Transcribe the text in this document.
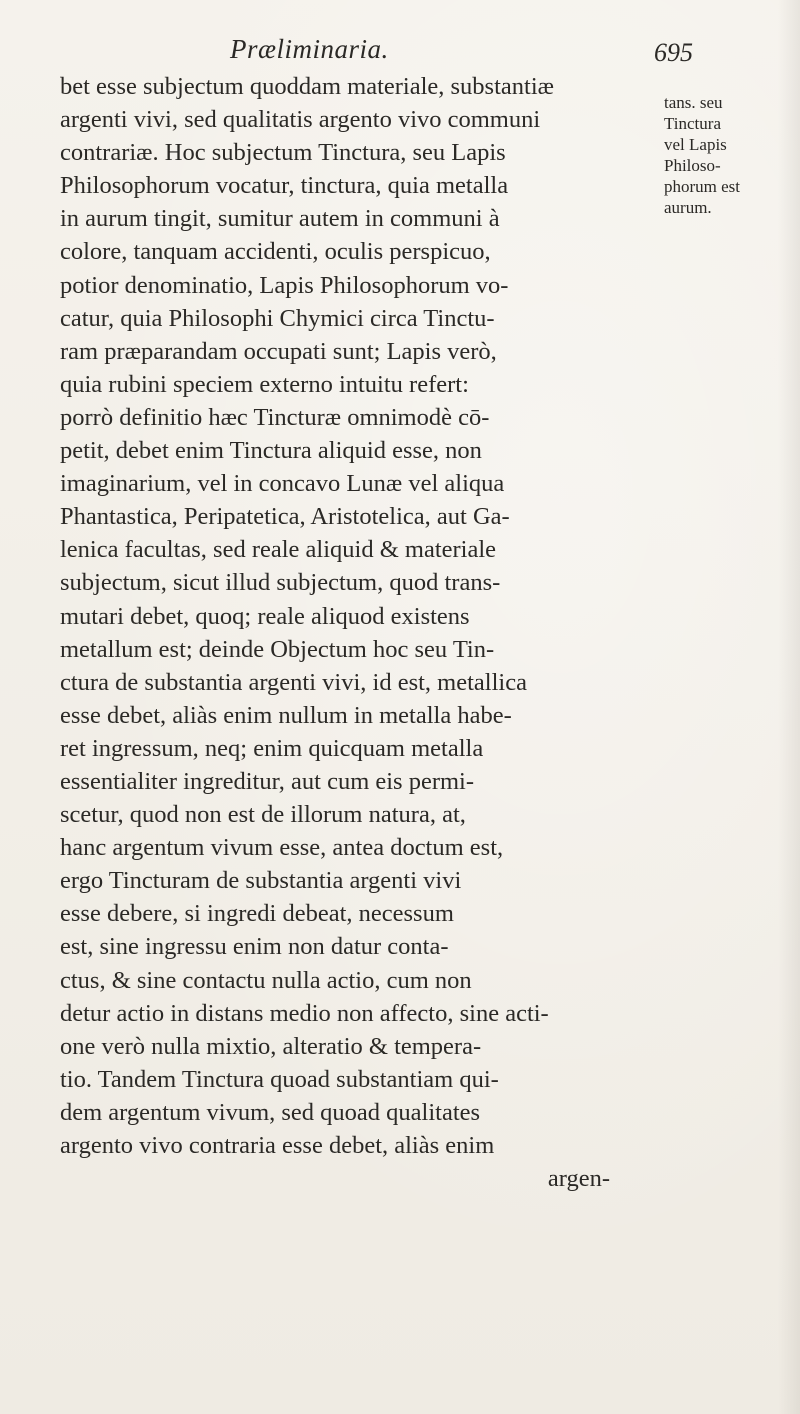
Præliminaria.	695
bet esse subjectum quoddam materiale, substantiæ
argenti vivi, sed qualitatis argento vivo communi
contrariæ. Hoc subjectum Tinctura, seu Lapis
Philosophorum vocatur, tinctura, quia metalla
in aurum tingit, sumitur autem in communi à
colore, tanquam accidenti, oculis perspicuo,
potior denominatio, Lapis Philosophorum vo-
catur, quia Philosophi Chymici circa Tinctu-
ram præparandam occupati sunt; Lapis verò,
quia rubini speciem externo intuitu refert:
porrò definitio hæc Tincturæ omnimodè cō-
petit, debet enim Tinctura aliquid esse, non
imaginarium, vel in concavo Lunæ vel aliqua
Phantastica, Peripatetica, Aristotelica, aut Ga-
lenica facultas, sed reale aliquid & materiale
subjectum, sicut illud subjectum, quod trans-
mutari debet, quoq; reale aliquod existens
metallum est; deinde Objectum hoc seu Tin-
ctura de substantia argenti vivi, id est, metallica
esse debet, aliàs enim nullum in metalla habe-
ret ingressum, neq; enim quicquam metalla
essentialiter ingreditur, aut cum eis permi-
scetur, quod non est de illorum natura, at,
hanc argentum vivum esse, antea doctum est,
ergo Tincturam de substantia argenti vivi
esse debere, si ingredi debeat, necessum
est, sine ingressu enim non datur conta-
ctus, & sine contactu nulla actio, cum non
detur actio in distans medio non affecto, sine acti-
one verò nulla mixtio, alteratio & tempera-
tio. Tandem Tinctura quoad substantiam qui-
dem argentum vivum, sed quoad qualitates
argento vivo contraria esse debet, aliàs enim
argen-
tans. seu
Tinctura
vel Lapis
Philoso-
phorum est
aurum.
